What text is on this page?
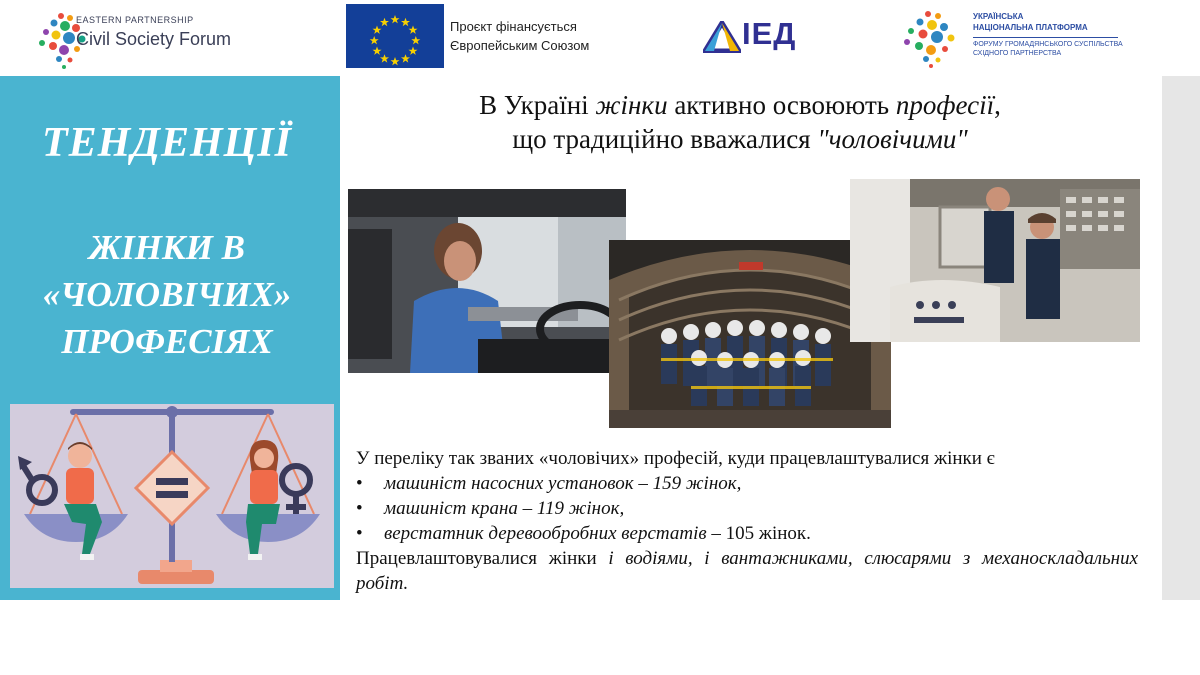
EASTERN PARTNERSHIP
Civil Society Forum
Проєкт фінансується
Європейським Союзом	ІЕД	УКРАЇНСЬКА
НАЦІОНАЛЬНА ПЛАТФОРМА
ФОРУМУ ГРОМАДЯНСЬКОГО СУСПІЛЬСТВА
СХІДНОГО ПАРТНЕРСТВА
ТЕНДЕНЦІЇ
ЖІНКИ В
«ЧОЛОВІЧИХ»
ПРОФЕСІЯХ
В Україні жінки активно освоюють професії,
що традиційно вважалися "чоловічими"

У переліку так званих «чоловічих» професій, куди працевлаштувалися жінки є

•	машиніст насосних установок – 159 жінок,
•	машиніст крана – 119 жінок,
•	верстатник деревообробних верстатів – 105 жінок.

Працевлаштовувалися жінки і водіями, і вантажниками, слюсарями з механоскладальних робіт.
